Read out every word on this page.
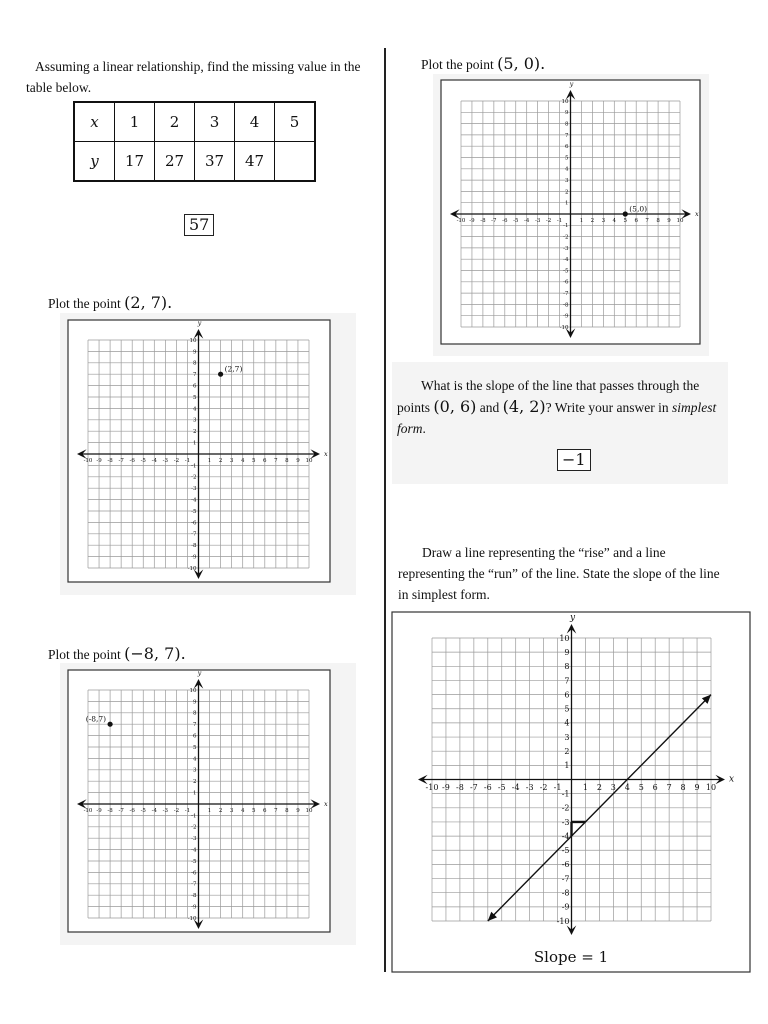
Assuming a linear relationship, find the missing value in the table below.
x	1	2	3	4	5
y	17	27	37	47	
57
Plot the point (2, 7).
x
y
-10
-10
-9
-9
-8
-8
-7
-7
-6
-6
-5
-5
-4
-4
-3
-3
-2
-2
-1
-1
1
1
2
2
3
3
4
4
5
5
6
6
7
7
8
8
9
9
10
10
(2,7)
Plot the point (−8, 7).
x
y
-10
-10
-9
-9
-8
-8
-7
-7
-6
-6
-5
-5
-4
-4
-3
-3
-2
-2
-1
-1
1
1
2
2
3
3
4
4
5
5
6
6
7
7
8
8
9
9
10
10
(-8,7)
Plot the point (5, 0).
x
y
-10
-10
-9
-9
-8
-8
-7
-7
-6
-6
-5
-5
-4
-4
-3
-3
-2
-2
-1
-1
1
1
2
2
3
3
4
4
5
5
6
6
7
7
8
8
9
9
10
10
(5,0)
What is the slope of the line that passes through the points (0, 6) and (4, 2)? Write your answer in simplest form.
−1
Draw a line representing the “rise” and a line representing the “run” of the line. State the slope of the line in simplest form.
x
y
-10
-10
-9
-9
-8
-8
-7
-7
-6
-6
-5
-5
-4
-4
-3
-3
-2
-2
-1
-1
1
1
2
2
3
3
4
4
5
5
6
6
7
7
8
8
9
9
10
10
Slope = 1
